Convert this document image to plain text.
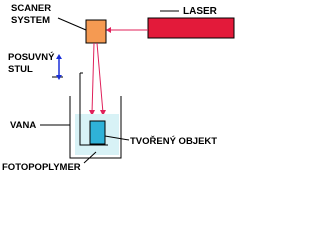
LASER
SCANER
SYSTEM
POSUVNÝ
STUL
VANA
TVOŘENÝ OBJEKT
FOTOPOPLYMER
